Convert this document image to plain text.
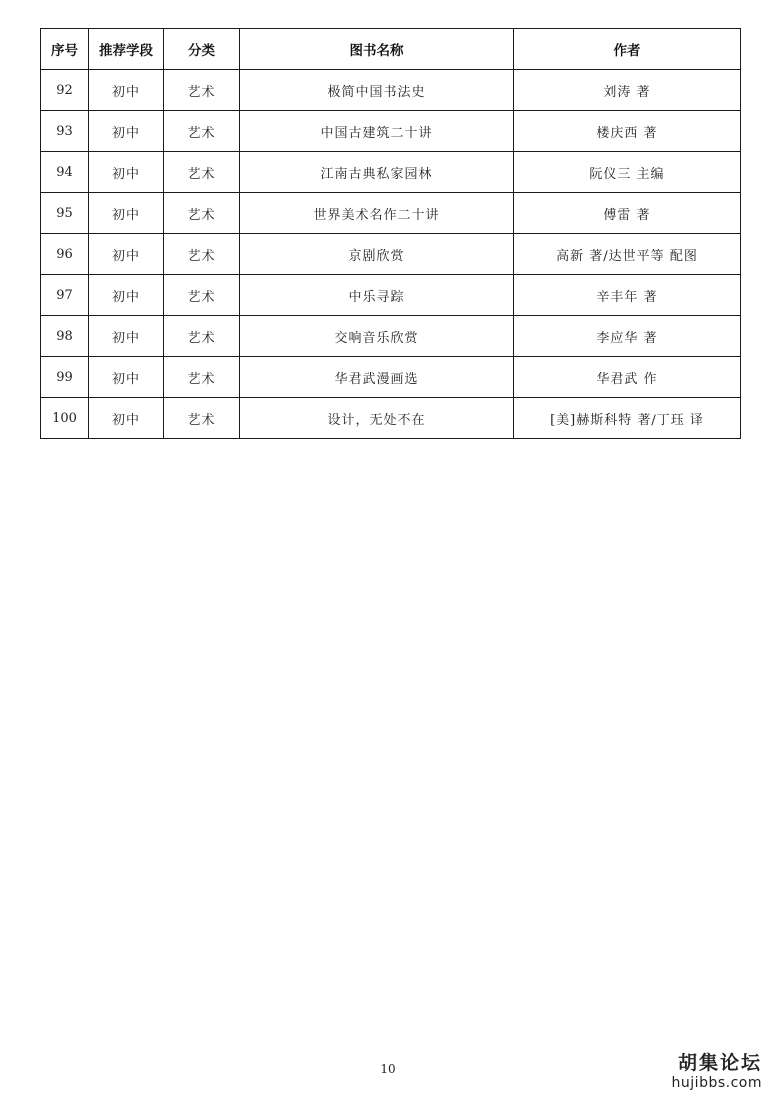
序号	推荐学段	分类	图书名称	作者
92	初中	艺术	极简中国书法史	刘涛 著
93	初中	艺术	中国古建筑二十讲	楼庆西 著
94	初中	艺术	江南古典私家园林	阮仪三 主编
95	初中	艺术	世界美术名作二十讲	傅雷 著
96	初中	艺术	京剧欣赏	高新 著/达世平等 配图
97	初中	艺术	中乐寻踪	辛丰年 著
98	初中	艺术	交响音乐欣赏	李应华 著
99	初中	艺术	华君武漫画选	华君武 作
100	初中	艺术	设计，无处不在	[美]赫斯科特 著/丁珏 译
10	胡集论坛
hujibbs.com
